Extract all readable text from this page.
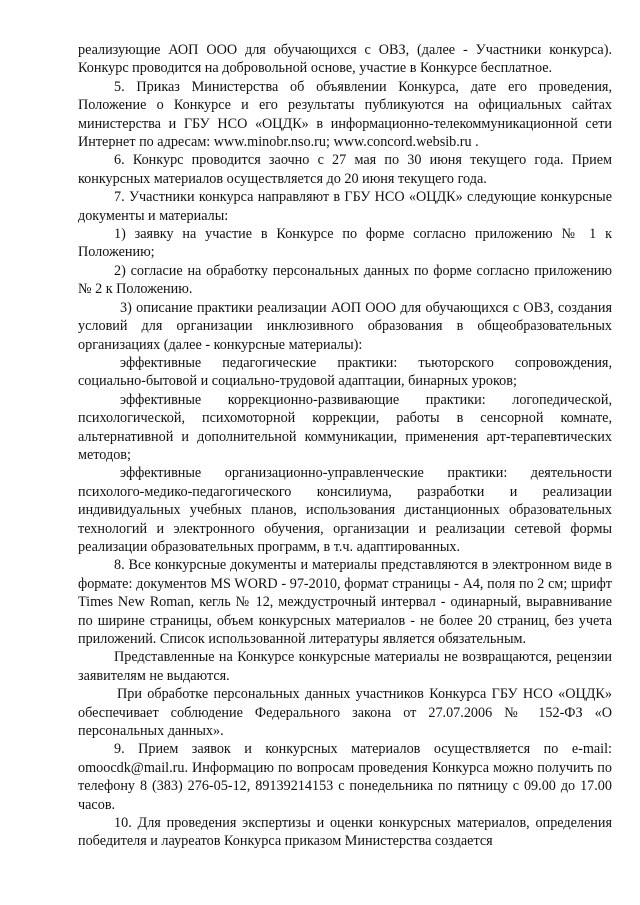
реализующие АОП ООО для обучающихся с ОВЗ, (далее - Участники конкурса). Конкурс проводится на добровольной основе, участие в Конкурсе бесплатное.

5. Приказ Министерства об объявлении Конкурса, дате его проведения, Положение о Конкурсе и его результаты публикуются на официальных сайтах министерства и ГБУ НСО «ОЦДК» в информационно-телекоммуникационной сети Интернет по адресам: www.minobr.nso.ru; www.concord.websib.ru .

6. Конкурс проводится заочно с 27 мая по 30 июня текущего года. Прием конкурсных материалов осуществляется до 20 июня текущего года.

7. Участники конкурса направляют в ГБУ НСО «ОЦДК» следующие конкурсные документы и материалы:

1) заявку на участие в Конкурсе по форме согласно приложению № 1 к Положению;

2) согласие на обработку персональных данных по форме согласно приложению № 2 к Положению.

3) описание практики реализации АОП ООО для обучающихся с ОВЗ, создания условий для организации инклюзивного образования в общеобразовательных организациях (далее - конкурсные материалы):

эффективные педагогические практики: тьюторского сопровождения, социально-бытовой и социально-трудовой адаптации, бинарных уроков;

эффективные коррекционно-развивающие практики: логопедической, психологической, психомоторной коррекции, работы в сенсорной комнате, альтернативной и дополнительной коммуникации, применения арт-терапевтических методов;

эффективные организационно-управленческие практики: деятельности психолого-медико-педагогического консилиума, разработки и реализации индивидуальных учебных планов, использования дистанционных образовательных технологий и электронного обучения, организации и реализации сетевой формы реализации образовательных программ, в т.ч. адаптированных.

8. Все конкурсные документы и материалы представляются в электронном виде в формате: документов MS WORD - 97-2010, формат страницы - А4, поля по 2 см; шрифт Times New Roman, кегль № 12, междустрочный интервал - одинарный, выравнивание по ширине страницы, объем конкурсных материалов - не более 20 страниц, без учета приложений. Список использованной литературы является обязательным.

Представленные на Конкурсе конкурсные материалы не возвращаются, рецензии заявителям не выдаются.

При обработке персональных данных участников Конкурса ГБУ НСО «ОЦДК» обеспечивает соблюдение Федерального закона от 27.07.2006 № 152-ФЗ «О персональных данных».

9. Прием заявок и конкурсных материалов осуществляется по e-mail: omoocdk@mail.ru. Информацию по вопросам проведения Конкурса можно получить по телефону 8 (383) 276-05-12, 89139214153 с понедельника по пятницу с 09.00 до 17.00 часов.

10. Для проведения экспертизы и оценки конкурсных материалов, определения победителя и лауреатов Конкурса приказом Министерства создается
